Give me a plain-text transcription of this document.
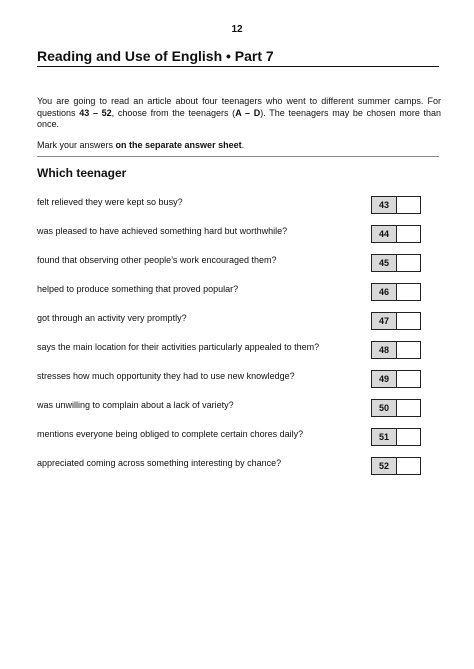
12
Reading and Use of English • Part 7

You are going to read an article about four teenagers who went to different summer camps. For questions 43 – 52, choose from the teenagers (A – D). The teenagers may be chosen more than once.

Mark your answers on the separate answer sheet.

Which teenager
felt relieved they were kept so busy?	43
was pleased to have achieved something hard but worthwhile?	44
found that observing other people’s work encouraged them?	45
helped to produce something that proved popular?	46
got through an activity very promptly?	47
says the main location for their activities particularly appealed to them?	48
stresses how much opportunity they had to use new knowledge?	49
was unwilling to complain about a lack of variety?	50
mentions everyone being obliged to complete certain chores daily?	51
appreciated coming across something interesting by chance?	52
